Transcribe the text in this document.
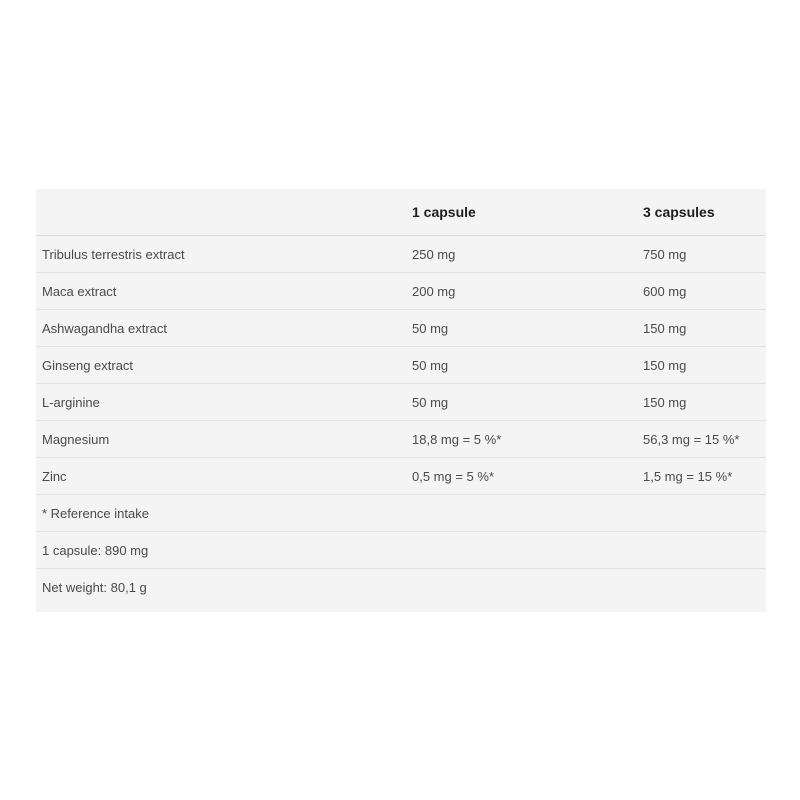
	1 capsule	3 capsules
Tribulus terrestris extract	250 mg	750 mg
Maca extract	200 mg	600 mg
Ashwagandha extract	50 mg	150 mg
Ginseng extract	50 mg	150 mg
L-arginine	50 mg	150 mg
Magnesium	18,8 mg = 5 %*	56,3 mg = 15 %*
Zinc	0,5 mg = 5 %*	1,5 mg = 15 %*
* Reference intake		
1 capsule: 890 mg		
Net weight: 80,1 g		
